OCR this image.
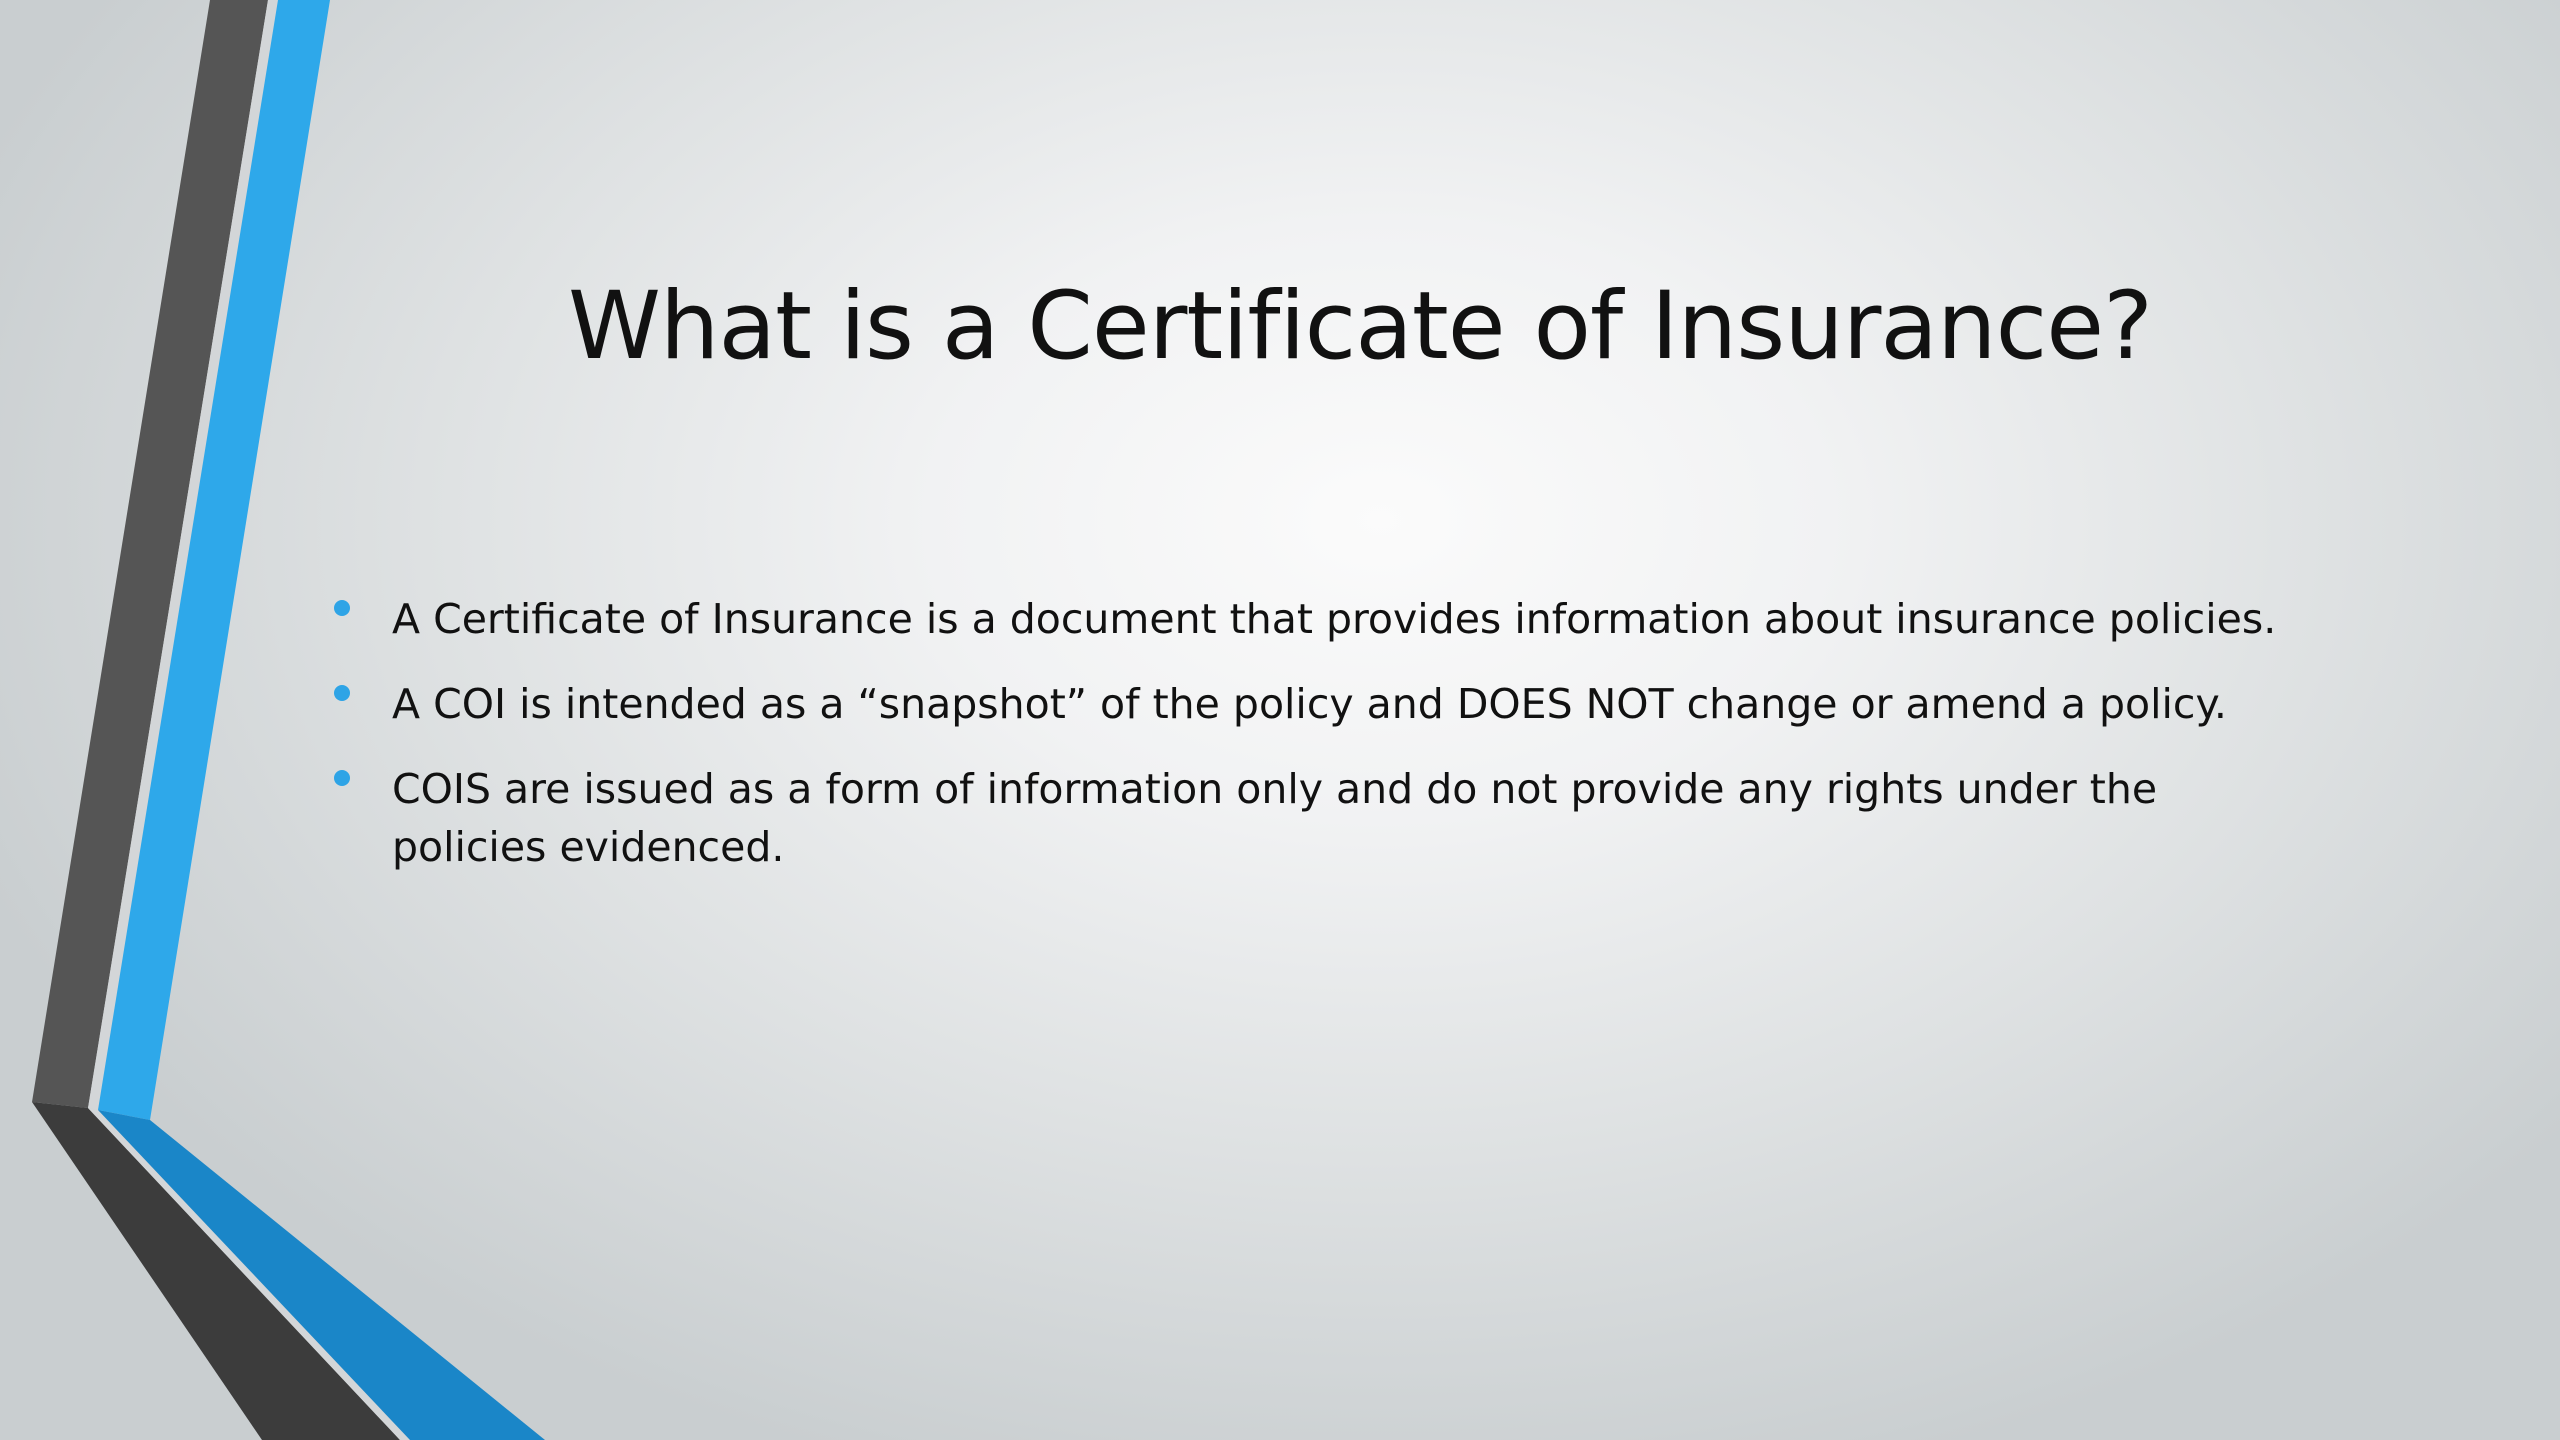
What is a Certificate of Insurance?
A Certificate of Insurance is a document that provides information about insurance policies.
A COI is intended as a “snapshot” of the policy and DOES NOT change or amend a policy.
COIS are issued as a form of information only and do not provide any rights under the policies evidenced.
